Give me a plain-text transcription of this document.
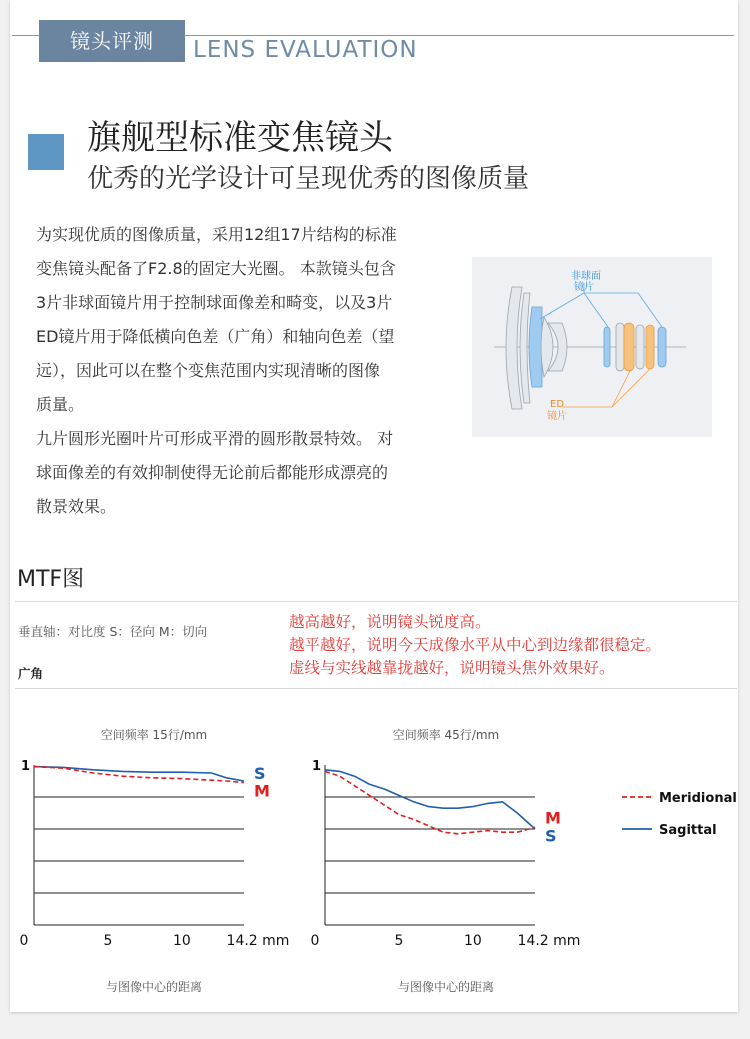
镜头评测	LENS EVALUATION
旗舰型标准变焦镜头
优秀的光学设计可呈现优秀的图像质量

为实现优质的图像质量，采用12组17片结构的标准

变焦镜头配备了F2.8的固定大光圈。 本款镜头包含

3片非球面镜片用于控制球面像差和畸变，以及3片

ED镜片用于降低横向色差（广角）和轴向色差（望

远），因此可以在整个变焦范围内实现清晰的图像

质量。

九片圆形光圈叶片可形成平滑的圆形散景特效。 对

球面像差的有效抑制使得无论前后都能形成漂亮的

散景效果。

非球面
镜片
ED
镜片
MTF图
垂直轴：对比度 S：径向 M：切向
广角
越高越好，说明镜头锐度高。
越平越好，说明今天成像水平从中心到边缘都很稳定。
虚线与实线越靠拢越好，说明镜头焦外效果好。
空间频率 15行/mm
与图像中心的距离
1
0	5	10	14.2 mm
S
M
空间频率 45行/mm
与图像中心的距离
1
0	5	10	14.2 mm
S
M
Meridional
Sagittal
